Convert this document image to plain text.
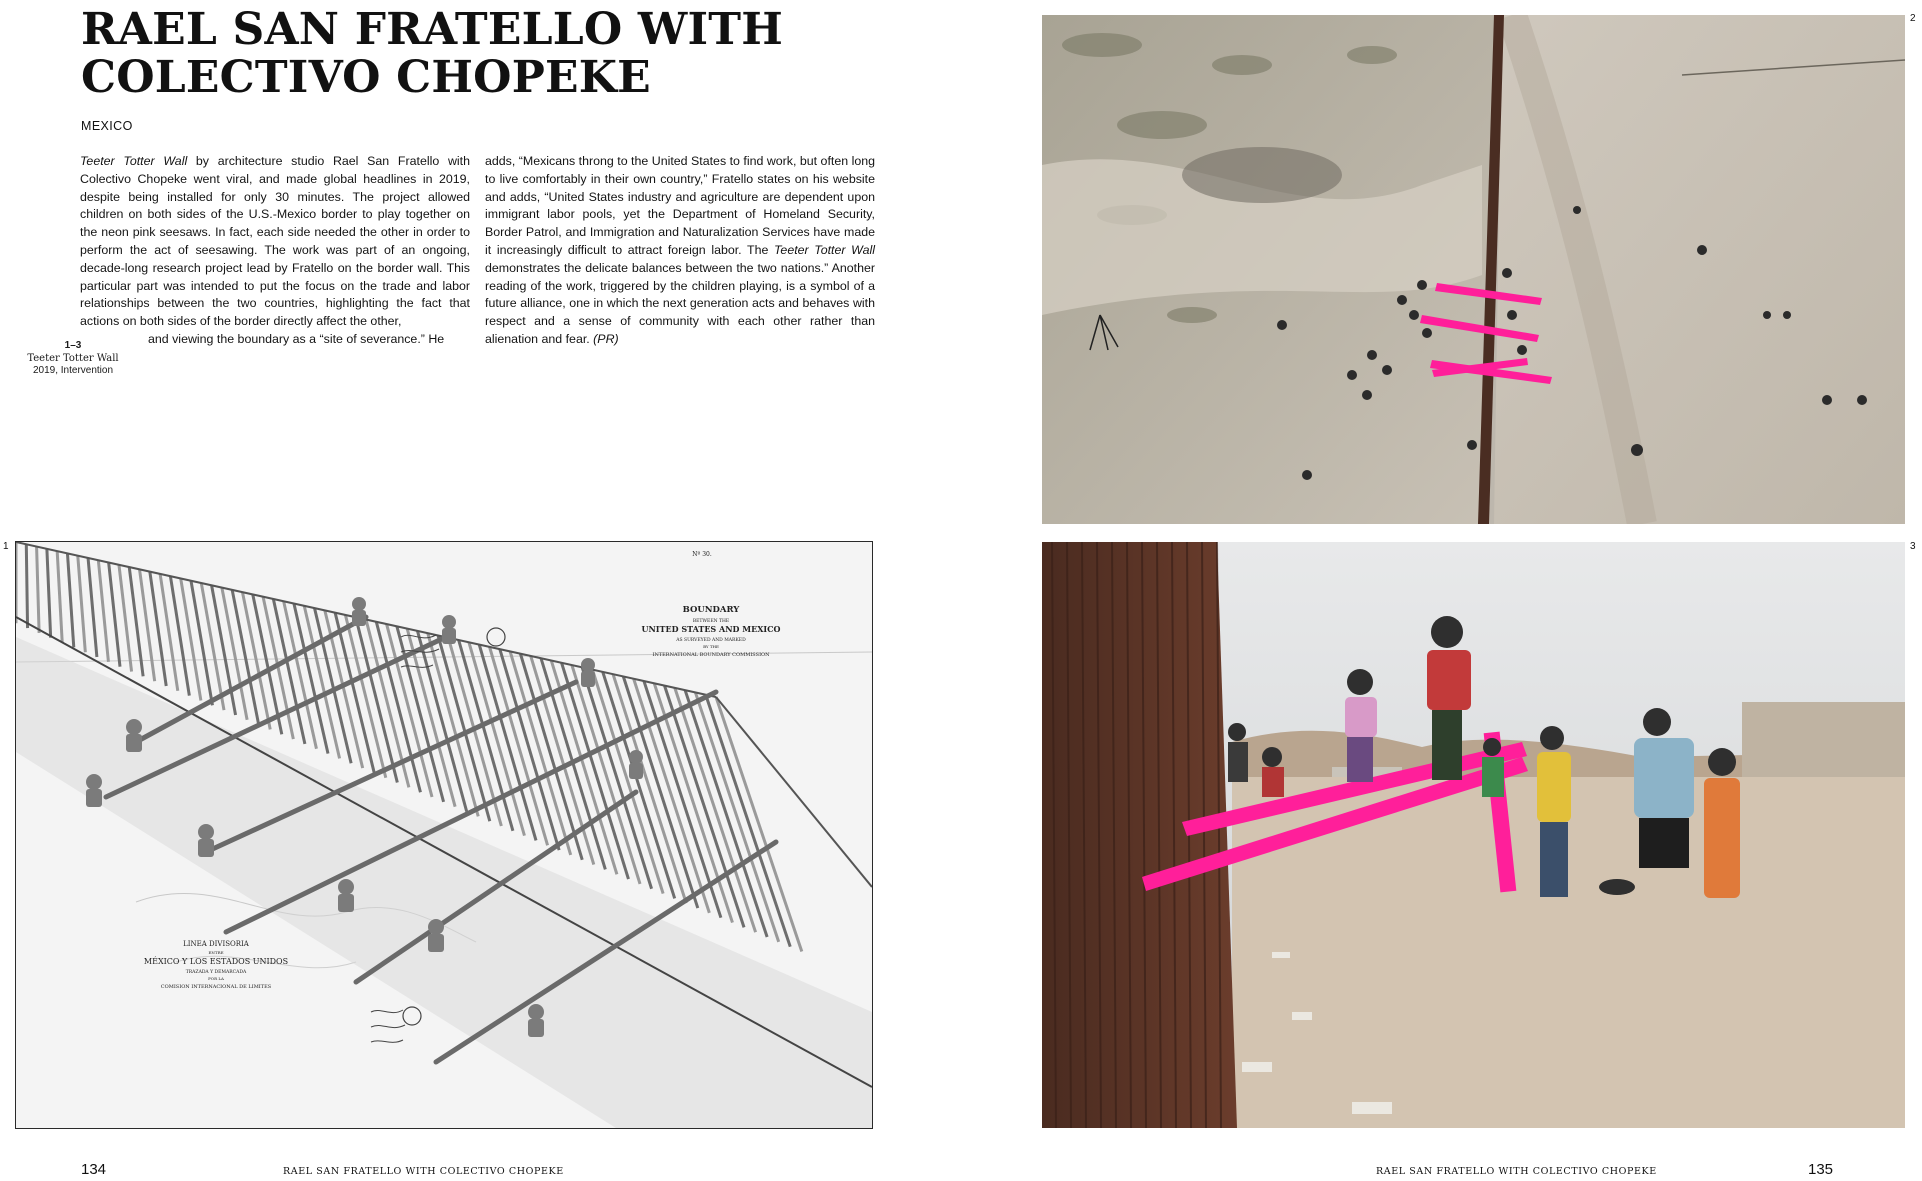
RAEL SAN FRATELLO WITH
COLECTIVO CHOPEKE
MEXICO
Teeter Totter Wall by architecture studio Rael San Fratello with Colectivo Chopeke went viral, and made global headlines in 2019, despite being installed for only 30 minutes. The project allowed children on both sides of the U.S.-Mexico border to play together on the neon pink seesaws. In fact, each side needed the other in order to perform the act of seesawing. The work was part of an ongoing, decade-long research project lead by Fratello on the border wall. This particular part was intended to put the focus on the trade and labor relationships between the two countries, highlighting the fact that actions on both sides of the border directly affect the other,
and viewing the boundary as a “site of severance.” He
adds, “Mexicans throng to the United States to find work, but often long to live comfortably in their own country,” Fratello states on his website and adds, “United States industry and agriculture are dependent upon immigrant labor pools, yet the Department of Homeland Security, Border Patrol, and Immigration and Naturalization Services have made it increasingly difficult to attract foreign labor. The Teeter Totter Wall demonstrates the delicate balances between the two nations.” Another reading of the work, triggered by the children playing, is a symbol of a future alliance, one in which the next generation acts and behaves with respect and a sense of community with each other rather than alienation and fear. (PR)
1–3
Teeter Totter Wall
2019, Intervention
1
2
3
Nº 30.
BOUNDARY
BETWEEN THE
UNITED STATES AND MEXICO
AS SURVEYED AND MARKED
BY THE
INTERNATIONAL BOUNDARY COMMISSION
LINEA DIVISORIA
ENTRE
MÉXICO Y LOS ESTADOS UNIDOS
TRAZADA Y DEMARCADA
POR LA
COMISION INTERNACIONAL DE LIMITES
134	RAEL SAN FRATELLO WITH COLECTIVO CHOPEKE	RAEL SAN FRATELLO WITH COLECTIVO CHOPEKE	135
